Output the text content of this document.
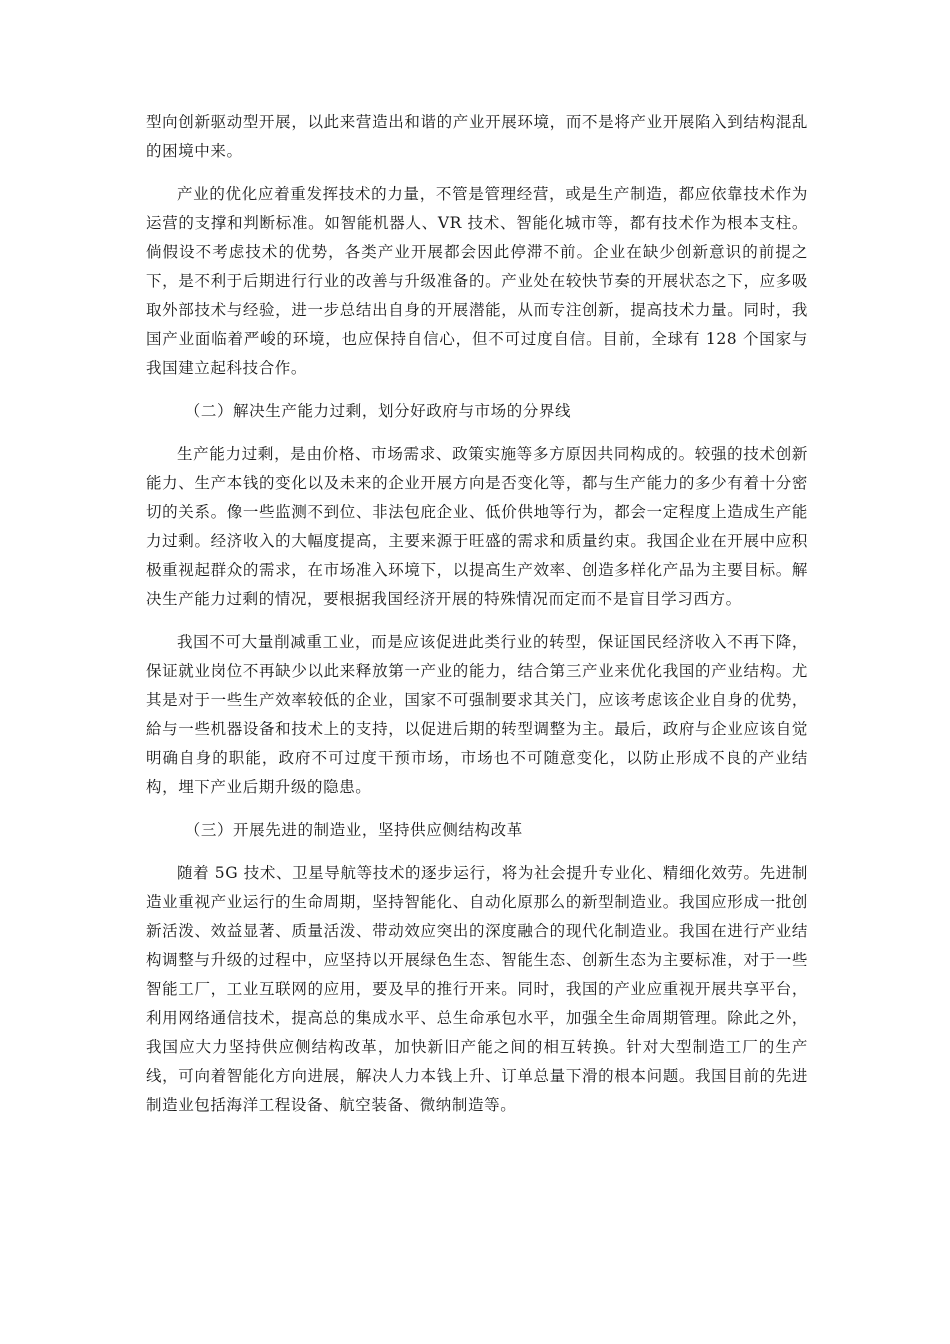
型向创新驱动型开展，以此来营造出和谐的产业开展环境，而不是将产业开展陷入到结构混乱的困境中来。

产业的优化应着重发挥技术的力量，不管是管理经营，或是生产制造，都应依靠技术作为运营的支撑和判断标准。如智能机器人、VR 技术、智能化城市等，都有技术作为根本支柱。倘假设不考虑技术的优势，各类产业开展都会因此停滞不前。企业在缺少创新意识的前提之下，是不利于后期进行行业的改善与升级准备的。产业处在较快节奏的开展状态之下，应多吸取外部技术与经验，进一步总结出自身的开展潜能，从而专注创新，提高技术力量。同时，我国产业面临着严峻的环境，也应保持自信心，但不可过度自信。目前，全球有 128 个国家与我国建立起科技合作。

（二）解决生产能力过剩，划分好政府与市场的分界线

生产能力过剩，是由价格、市场需求、政策实施等多方原因共同构成的。较强的技术创新能力、生产本钱的变化以及未来的企业开展方向是否变化等，都与生产能力的多少有着十分密切的关系。像一些监测不到位、非法包庇企业、低价供地等行为，都会一定程度上造成生产能力过剩。经济收入的大幅度提高，主要来源于旺盛的需求和质量约束。我国企业在开展中应积极重视起群众的需求，在市场准入环境下，以提高生产效率、创造多样化产品为主要目标。解决生产能力过剩的情况，要根据我国经济开展的特殊情况而定而不是盲目学习西方。

我国不可大量削减重工业，而是应该促进此类行业的转型，保证国民经济收入不再下降，保证就业岗位不再缺少以此来释放第一产业的能力，结合第三产业来优化我国的产业结构。尤其是对于一些生产效率较低的企业，国家不可强制要求其关门，应该考虑该企业自身的优势，給与一些机器设备和技术上的支持，以促进后期的转型调整为主。最后，政府与企业应该自觉明确自身的职能，政府不可过度干预市场，市场也不可随意变化，以防止形成不良的产业结构，埋下产业后期升级的隐患。

（三）开展先进的制造业，坚持供应侧结构改革

随着 5G 技术、卫星导航等技术的逐步运行，将为社会提升专业化、精细化效劳。先进制造业重视产业运行的生命周期，坚持智能化、自动化原那么的新型制造业。我国应形成一批创新活泼、效益显著、质量活泼、带动效应突出的深度融合的现代化制造业。我国在进行产业结构调整与升级的过程中，应坚持以开展绿色生态、智能生态、创新生态为主要标准，对于一些智能工厂，工业互联网的应用，要及早的推行开来。同时，我国的产业应重视开展共享平台，利用网络通信技术，提高总的集成水平、总生命承包水平，加强全生命周期管理。除此之外，我国应大力坚持供应侧结构改革，加快新旧产能之间的相互转换。针对大型制造工厂的生产线，可向着智能化方向进展，解决人力本钱上升、订单总量下滑的根本问题。我国目前的先进制造业包括海洋工程设备、航空装备、微纳制造等。
